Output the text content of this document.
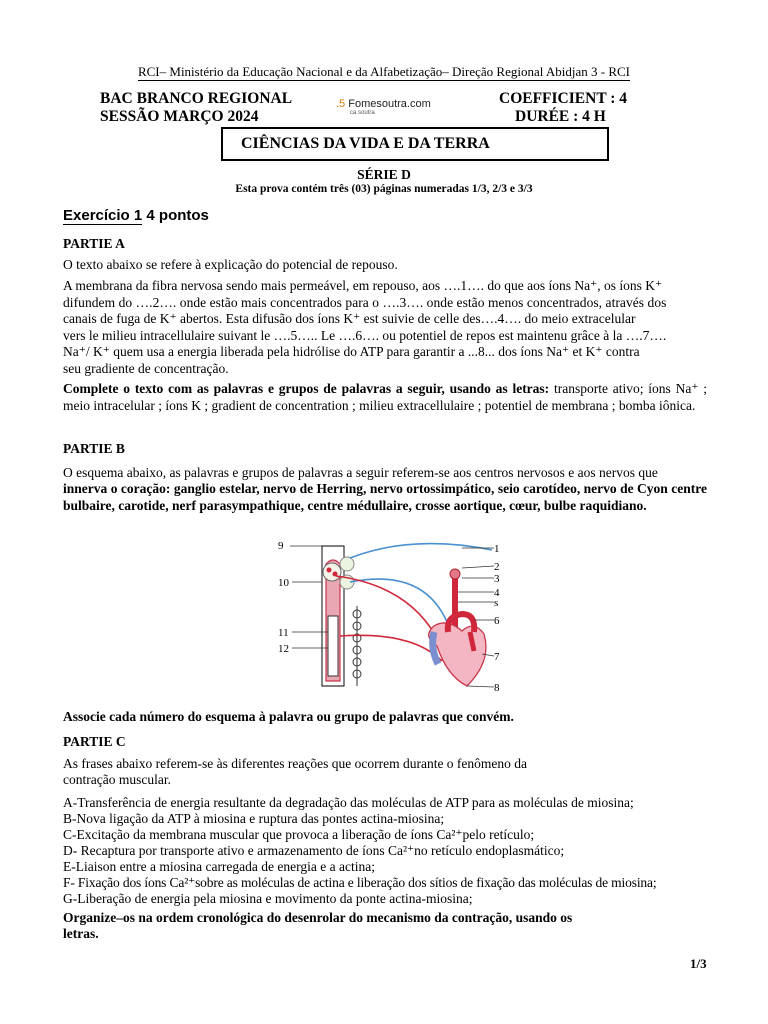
RCI– Ministério da Educação Nacional e da Alfabetização– Direção Regional Abidjan 3 - RCI
BAC BRANCO REGIONAL
SESSÃO MARÇO 2024
COEFFICIENT : 4
DURÉE : 4 H
.5 Fomesoutra.com
ca soutra
CIÊNCIAS DA VIDA E DA TERRA
SÉRIE D
Esta prova contém três (03) páginas numeradas 1/3, 2/3 e 3/3
Exercício 1 4 pontos
PARTIE A
O texto abaixo se refere à explicação do potencial de repouso.
A membrana da fibra nervosa sendo mais permeável, em repouso, aos ….1…. do que aos íons Na⁺, os íons K⁺
difundem do ….2…. onde estão mais concentrados para o ….3…. onde estão menos concentrados, através dos
canais de fuga de K⁺ abertos. Esta difusão dos íons K⁺ est suivie de celle des….4…. do meio extracelular
vers le milieu intracellulaire suivant le ….5….. Le ….6…. ou potentiel de repos est maintenu grâce à la ….7….
Na⁺/ K⁺ quem usa a energia liberada pela hidrólise do ATP para garantir a ...8... dos íons Na⁺ et K⁺ contra
seu gradiente de concentração.
Complete o texto com as palavras e grupos de palavras a seguir, usando as letras: transporte ativo; íons Na⁺ ; meio intracelular ; íons K ; gradient de concentration ; milieu extracellulaire ; potentiel de membrana ; bomba iônica.
PARTIE B
O esquema abaixo, as palavras e grupos de palavras a seguir referem-se aos centros nervosos e aos nervos que
innerva o coração: ganglio estelar, nervo de Herring, nervo ortossimpático, seio carotídeo, nervo de Cyon centre bulbaire, carotide, nerf parasympathique, centre médullaire, crosse aortique, cœur, bulbe raquidiano.
9
10
11
12
1
2
3
4
s
6
7
8
Associe cada número do esquema à palavra ou grupo de palavras que convém.
PARTIE C
As frases abaixo referem-se às diferentes reações que ocorrem durante o fenômeno da
contração muscular.
A-Transferência de energia resultante da degradação das moléculas de ATP para as moléculas de miosina;
B-Nova ligação da ATP à miosina e ruptura das pontes actina-miosina;
C-Excitação da membrana muscular que provoca a liberação de íons Ca²⁺pelo retículo;
D- Recaptura por transporte ativo e armazenamento de íons Ca²⁺no retículo endoplasmático;
E-Liaison entre a miosina carregada de energia e a actina;
F- Fixação dos íons Ca²⁺sobre as moléculas de actina e liberação dos sítios de fixação das moléculas de miosina;
G-Liberação de energia pela miosina e movimento da ponte actina-miosina;
Organize–os na ordem cronológica do desenrolar do mecanismo da contração, usando os
letras.
1/3
